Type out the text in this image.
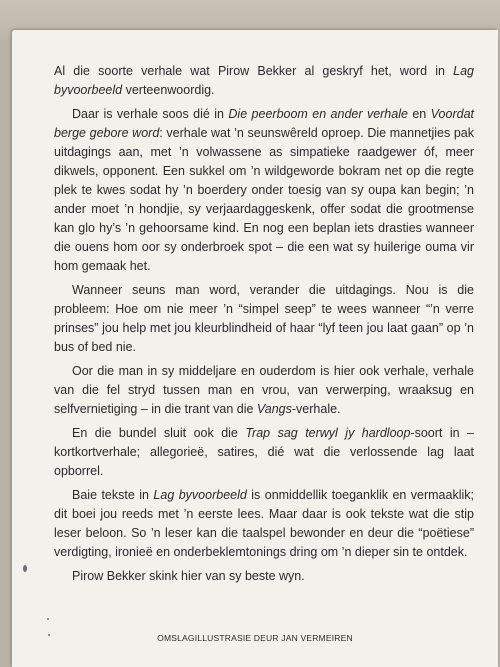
OMSLAGILLUSTRASIE DEUR JAN VERMEIREN

Al die soorte verhale wat Pirow Bekker al geskryf het, word in Lag byvoorbeeld verteenwoordig.

Daar is verhale soos dié in Die peerboom en ander verhale en Voordat berge gebore word: verhale wat ’n seunswêreld oproep. Die mannetjies pak uitdagings aan, met ’n volwassene as simpatieke raadgewer óf, meer dikwels, opponent. Een sukkel om ’n wildgeworde bokram net op die regte plek te kwes sodat hy ’n boerdery onder toesig van sy oupa kan begin; ’n ander moet ’n hondjie, sy verjaardaggeskenk, offer sodat die grootmense kan glo hy’s ’n gehoorsame kind. En nog een beplan iets drasties wanneer die ouens hom oor sy onderbroek spot – die een wat sy huilerige ouma vir hom gemaak het.

Wanneer seuns man word, verander die uitdagings. Nou is die probleem: Hoe om nie meer ’n “simpel seep” te wees wanneer “’n verre prinses” jou help met jou kleurblindheid of haar “lyf teen jou laat gaan” op ’n bus of bed nie.

Oor die man in sy middeljare en ouderdom is hier ook verhale, verhale van die fel stryd tussen man en vrou, van verwerping, wraaksug en selfvernietiging – in die trant van die Vangs-verhale.

En die bundel sluit ook die Trap sag terwyl jy hardloop-soort in – kortkortverhale; allegorieë, satires, dié wat die verlossende lag laat opborrel.

Baie tekste in Lag byvoorbeeld is onmiddellik toeganklik en vermaaklik; dit boei jou reeds met ’n eerste lees. Maar daar is ook tekste wat die stip leser beloon. So ’n leser kan die taalspel bewonder en deur die “poëtiese” verdigting, ironieë en onderbeklemtonings dring om ’n dieper sin te ontdek.

Pirow Bekker skink hier van sy beste wyn.
